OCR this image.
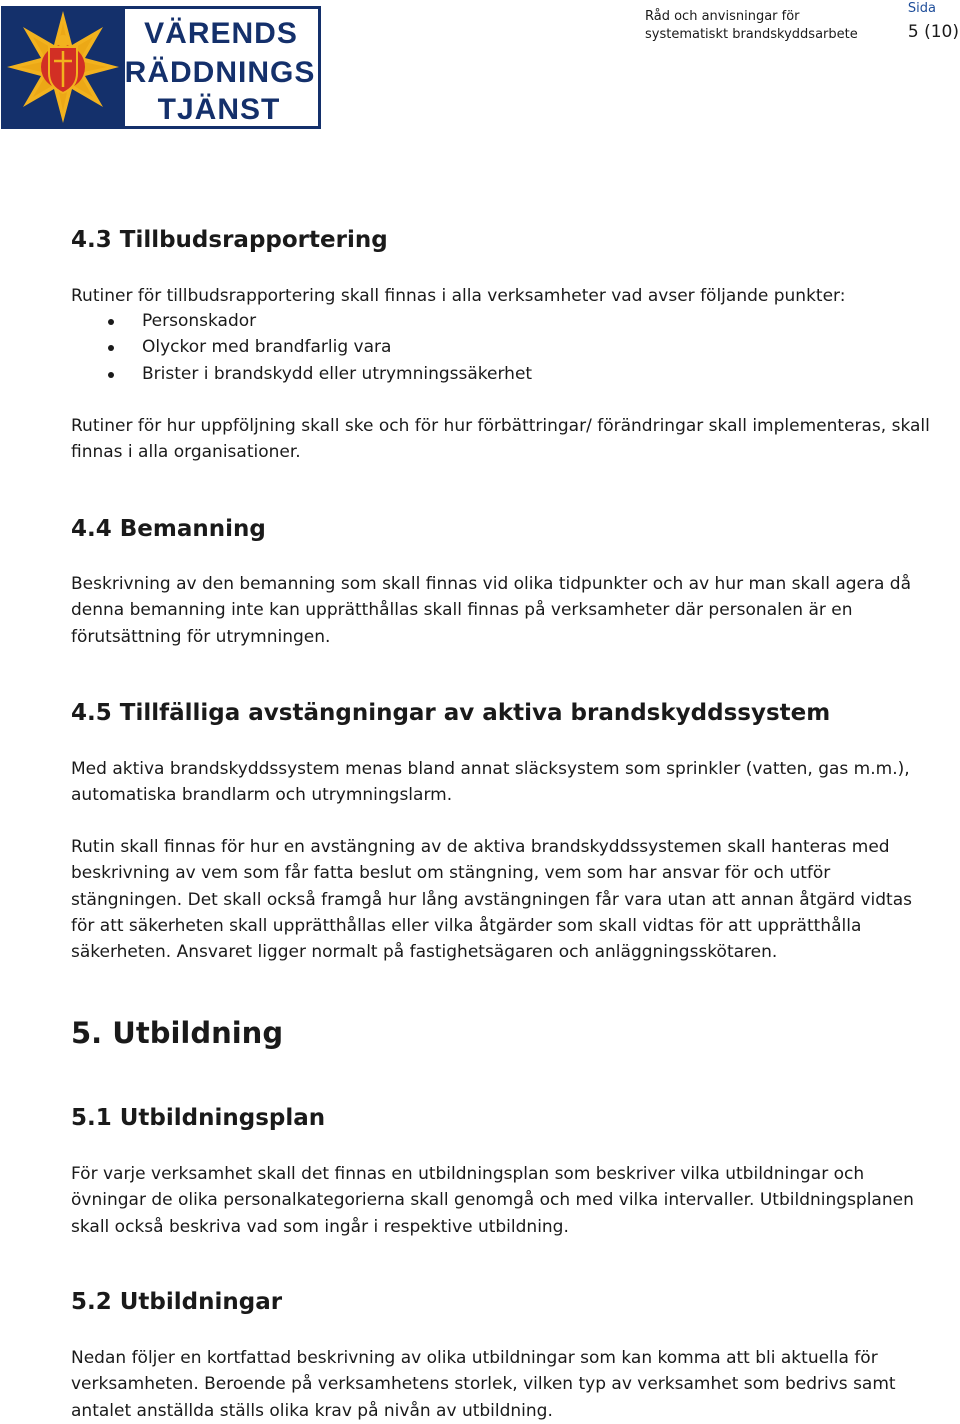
VÄRENDS
RÄDDNINGS
TJÄNST
Råd och anvisningar för
systematiskt brandskyddsarbete
Sida
5 (10)
4.3 Tillbudsrapportering

Rutiner för tillbudsrapportering skall finnas i alla verksamheter vad avser följande punkter:

Personskador
Olyckor med brandfarlig vara
Brister i brandskydd eller utrymningssäkerhet

Rutiner för hur uppföljning skall ske och för hur förbättringar/ förändringar skall implementeras, skall finnas i alla organisationer.

4.4 Bemanning

Beskrivning av den bemanning som skall finnas vid olika tidpunkter och av hur man skall agera då denna bemanning inte kan upprätthållas skall finnas på verksamheter där personalen är en förutsättning för utrymningen.

4.5 Tillfälliga avstängningar av aktiva brandskyddssystem

Med aktiva brandskyddssystem menas bland annat släcksystem som sprinkler (vatten, gas m.m.), automatiska brandlarm och utrymningslarm.

Rutin skall finnas för hur en avstängning av de aktiva brandskyddssystemen skall hanteras med beskrivning av vem som får fatta beslut om stängning, vem som har ansvar för och utför stängningen. Det skall också framgå hur lång avstängningen får vara utan att annan åtgärd vidtas för att säkerheten skall upprätthållas eller vilka åtgärder som skall vidtas för att upprätthålla säkerheten. Ansvaret ligger normalt på fastighetsägaren och anläggningsskötaren.

5. Utbildning
5.1 Utbildningsplan

För varje verksamhet skall det finnas en utbildningsplan som beskriver vilka utbildningar och övningar de olika personalkategorierna skall genomgå och med vilka intervaller. Utbildningsplanen skall också beskriva vad som ingår i respektive utbildning.

5.2 Utbildningar

Nedan följer en kortfattad beskrivning av olika utbildningar som kan komma att bli aktuella för verksamheten. Beroende på verksamhetens storlek, vilken typ av verksamhet som bedrivs samt antalet anställda ställs olika krav på nivån av utbildning.
